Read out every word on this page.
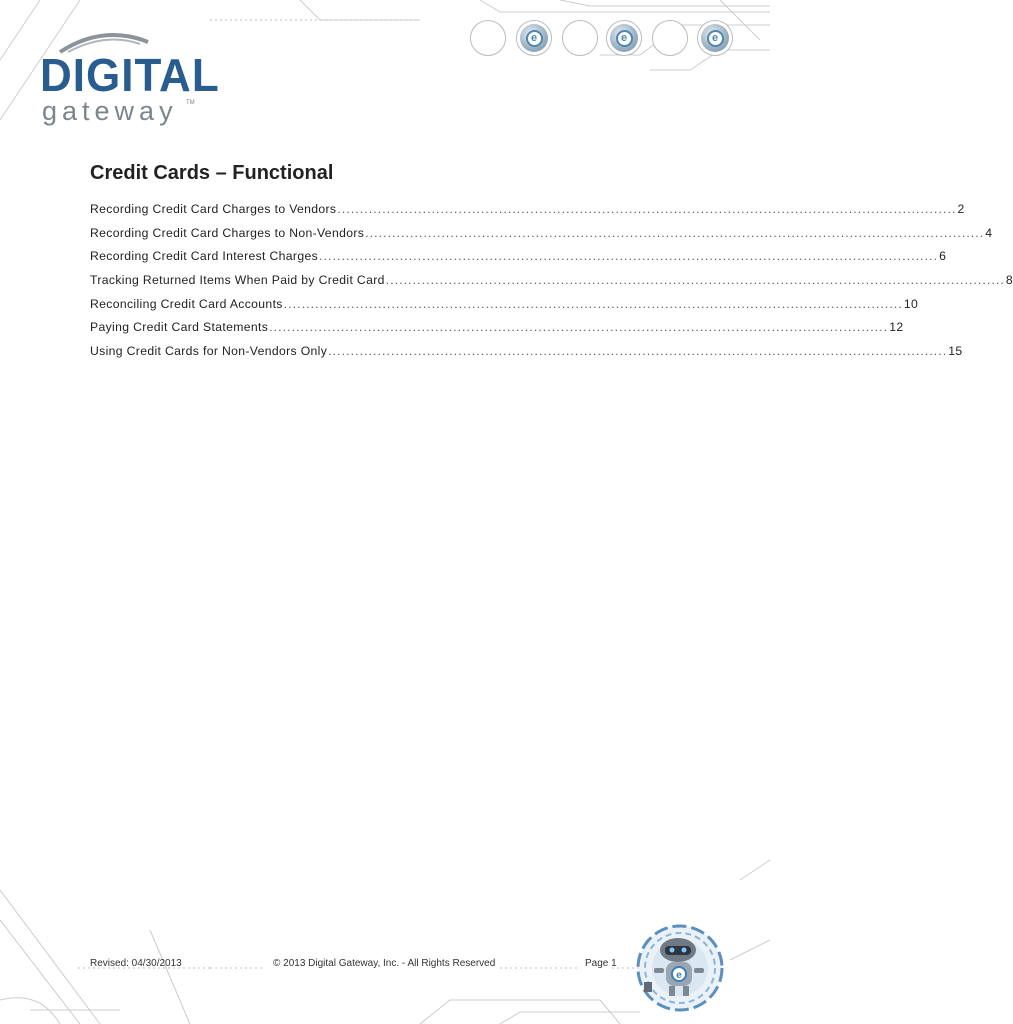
DIGITAL
gateway TM
e	e	e
Credit Cards – Functional
Recording Credit Card Charges to Vendors .......................................................................................................................................... 2
Recording Credit Card Charges to Non-Vendors .......................................................................................................................................... 4
Recording Credit Card Interest Charges .......................................................................................................................................... 6
Tracking Returned Items When Paid by Credit Card .......................................................................................................................................... 8
Reconciling Credit Card Accounts .......................................................................................................................................... 10
Paying Credit Card Statements .......................................................................................................................................... 12
Using Credit Cards for Non-Vendors Only .......................................................................................................................................... 15
Revised: 04/30/2013	© 2013 Digital Gateway, Inc. - All Rights Reserved	Page 1
e
